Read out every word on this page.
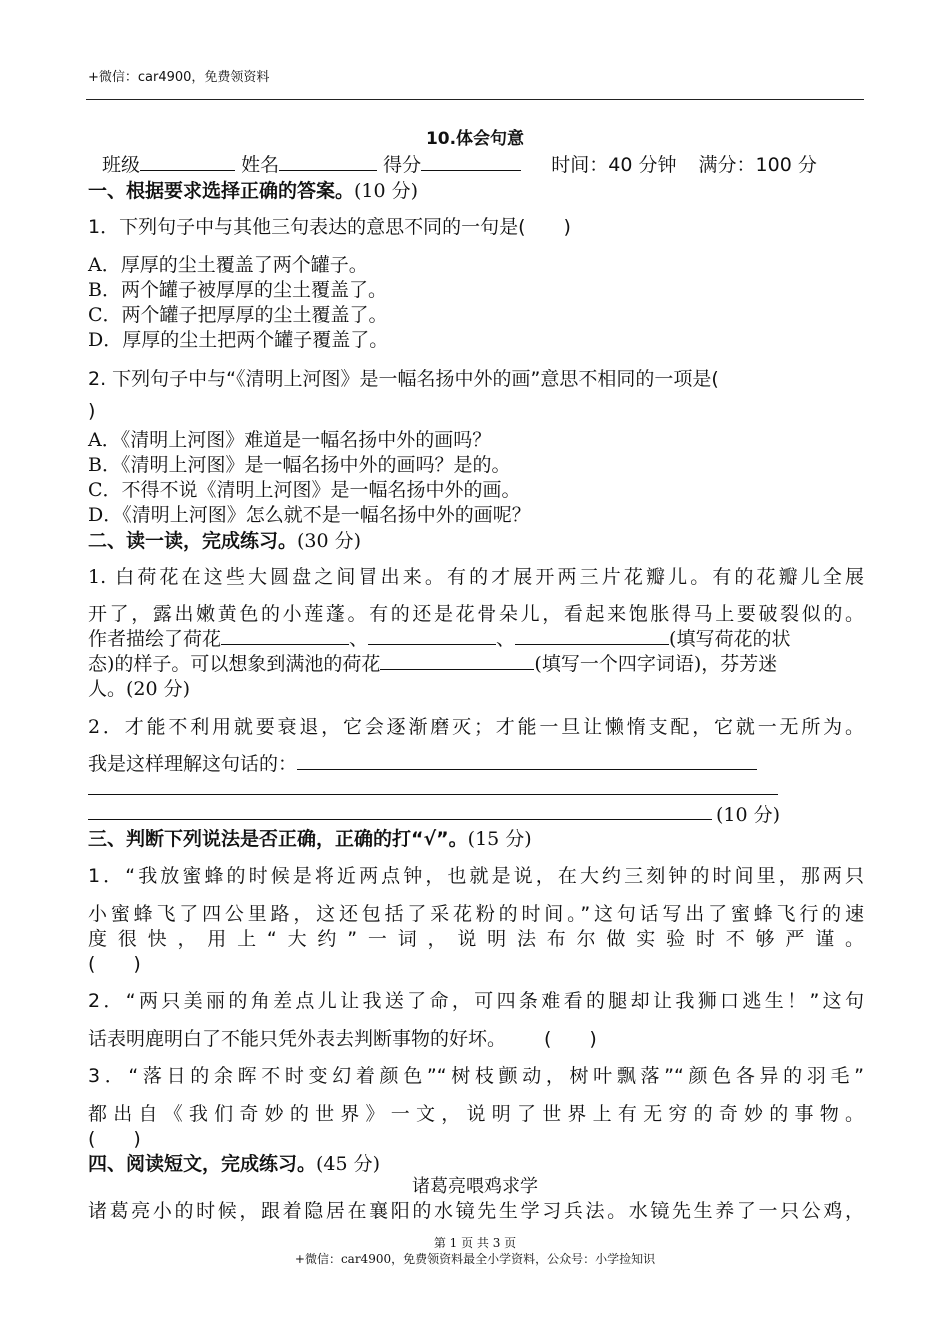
+微信：car4900，免费领资料
10.体会句意
班级	姓名	得分	时间：40 分钟 满分：100 分
一、根据要求选择正确的答案。(10 分)
1．下列句子中与其他三句表达的意思不同的一句是(　　)
A．厚厚的尘土覆盖了两个罐子。
B．两个罐子被厚厚的尘土覆盖了。
C．两个罐子把厚厚的尘土覆盖了。
D．厚厚的尘土把两个罐子覆盖了。
2. 下列句子中与“《清明上河图》是一幅名扬中外的画”意思不相同的一项是(
)
A．《清明上河图》难道是一幅名扬中外的画吗？
B．《清明上河图》是一幅名扬中外的画吗？是的。
C．不得不说《清明上河图》是一幅名扬中外的画。
D．《清明上河图》怎么就不是一幅名扬中外的画呢？
二、读一读，完成练习。(30 分)
1. 白荷花在这些大圆盘之间冒出来。有的才展开两三片花瓣儿。有的花瓣儿全展
开了，露出嫩黄色的小莲蓬。有的还是花骨朵儿，看起来饱胀得马上要破裂似的。
作者描绘了荷花	、	、	(填写荷花的状
态)的样子。可以想象到满池的荷花	(填写一个四字词语)，芬芳迷
人。(20 分)
2．才能不利用就要衰退，它会逐渐磨灭；才能一旦让懒惰支配，它就一无所为。
我是这样理解这句话的：
(10 分)
三、判断下列说法是否正确，正确的打“√”。(15 分)
1．“我放蜜蜂的时候是将近两点钟，也就是说，在大约三刻钟的时间里，那两只
小蜜蜂飞了四公里路，这还包括了采花粉的时间。”这句话写出了蜜蜂飞行的速
度很快，用上“大约”一词，说明法布尔做实验时不够严谨。
(　　)
2．“两只美丽的角差点儿让我送了命，可四条难看的腿却让我狮口逃生！”这句
话表明鹿明白了不能只凭外表去判断事物的好坏。 (　　)
3．“落日的余晖不时变幻着颜色”“树枝颤动，树叶飘落”“颜色各异的羽毛”
都出自《我们奇妙的世界》一文，说明了世界上有无穷的奇妙的事物。
(　　)
四、阅读短文，完成练习。(45 分)
诸葛亮喂鸡求学
诸葛亮小的时候，跟着隐居在襄阳的水镜先生学习兵法。水镜先生养了一只公鸡，
第 1 页 共 3 页
+微信：car4900，免费领资料最全小学资料，公众号：小学捡知识
